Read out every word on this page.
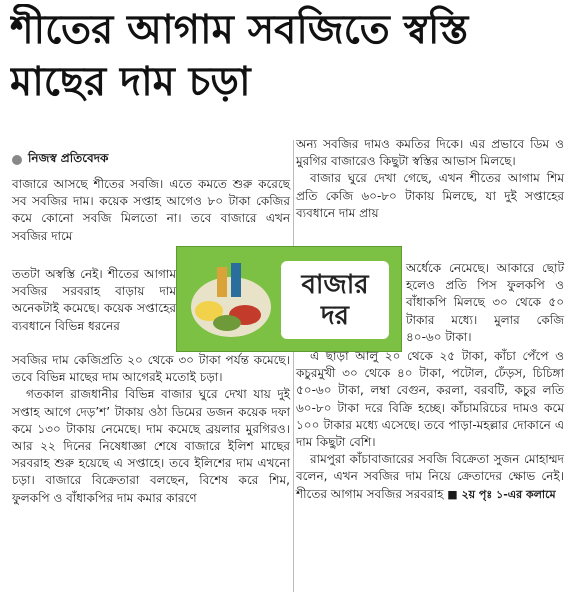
শীতের আগাম সবজিতে স্বস্তি
মাছের দাম চড়া
নিজস্ব প্রতিবেদক

বাজারে আসছে শীতের সবজি। এতে কমতে শুরু করেছে সব সবজির দাম। কয়েক সপ্তাহ আগেও ৮০ টাকা কেজির কমে কোনো সবজি মিলতো না। তবে বাজারে এখন সবজির দামে

ততটা অস্বস্তি নেই। শীতের আগাম সবজির সরবরাহ বাড়ায় দাম অনেকটাই কমেছে। কয়েক সপ্তাহের ব্যবধানে বিভিন্ন ধরনের

সবজির দাম কেজিপ্রতি ২০ থেকে ৩০ টাকা পর্যন্ত কমেছে। তবে বিভিন্ন মাছের দাম আগেরই মতোই চড়া।

গতকাল রাজধানীর বিভিন্ন বাজার ঘুরে দেখা যায় দুই সপ্তাহ আগে দেড়’শ’ টাকায় ওঠা ডিমের ডজন কয়েক দফা কমে ১৩০ টাকায় নেমেছে। দাম কমেছে ব্রয়লার মুরগিরও। আর ২২ দিনের নিষেধাজ্ঞা শেষে বাজারে ইলিশ মাছের সরবরাহ শুরু হয়েছে এ সপ্তাহে। তবে ইলিশের দাম এখনো চড়া। বাজারে বিক্রেতারা বলছেন, বিশেষ করে শিম, ফুলকপি ও বাঁধাকপির দাম কমার কারণে

বাজার
দর

অন্য সবজির দামও কমতির দিকে। এর প্রভাবে ডিম ও মুরগির বাজারেও কিছুটা স্বস্তির আভাস মিলছে।

বাজার ঘুরে দেখা গেছে, এখন শীতের আগাম শিম প্রতি কেজি ৬০-৮০ টাকায় মিলছে, যা দুই সপ্তাহের ব্যবধানে দাম প্রায়

অর্ধেকে নেমেছে। আকারে ছোট হলেও প্রতি পিস ফুলকপি ও বাঁধাকপি মিলছে ৩০ থেকে ৫০ টাকার মধ্যে। মুলার কেজি ৪০-৬০ টাকা।

এ ছাড়া আলু ২০ থেকে ২৫ টাকা, কাঁচা পেঁপে ও কচুরমুখী ৩০ থেকে ৪০ টাকা, পটোল, ঢেঁড়স, চিচিঙ্গা ৫০-৬০ টাকা, লম্বা বেগুন, করলা, বরবটি, কচুর লতি ৬০-৮০ টাকা দরে বিক্রি হচ্ছে। কাঁচামরিচের দামও কমে ১০০ টাকার মধ্যে এসেছে। তবে পাড়া-মহল্লার দোকানে এ দাম কিছুটা বেশি।

রামপুরা কাঁচাবাজারের সবজি বিক্রেতা সুজন মোহাম্মদ বলেন, এখন সবজির দাম নিয়ে ক্রেতাদের ক্ষোভ নেই। শীতের আগাম সবজির সরবরাহ ■ ২য় পৃঃ ১-এর কলামে
